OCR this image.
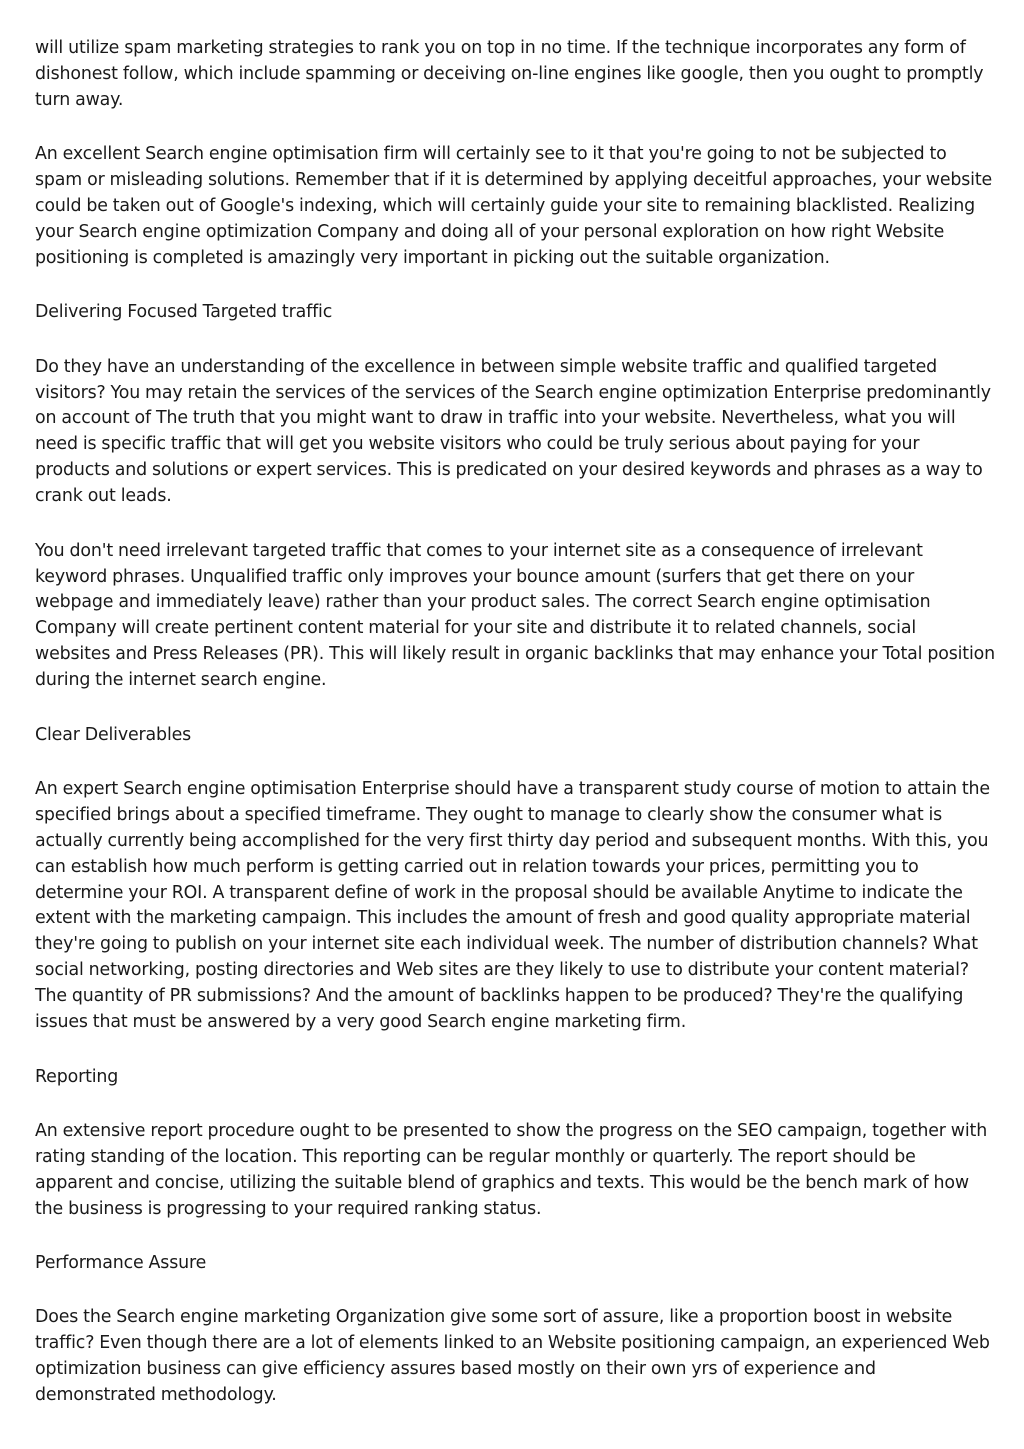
will utilize spam marketing strategies to rank you on top in no time. If the technique incorporates any form of dishonest follow, which include spamming or deceiving on-line engines like google, then you ought to promptly turn away.

An excellent Search engine optimisation firm will certainly see to it that you're going to not be subjected to spam or misleading solutions. Remember that if it is determined by applying deceitful approaches, your website could be taken out of Google's indexing, which will certainly guide your site to remaining blacklisted. Realizing your Search engine optimization Company and doing all of your personal exploration on how right Website positioning is completed is amazingly very important in picking out the suitable organization.

Delivering Focused Targeted traffic

Do they have an understanding of the excellence in between simple website traffic and qualified targeted visitors? You may retain the services of the services of the Search engine optimization Enterprise predominantly on account of The truth that you might want to draw in traffic into your website. Nevertheless, what you will need is specific traffic that will get you website visitors who could be truly serious about paying for your products and solutions or expert services. This is predicated on your desired keywords and phrases as a way to crank out leads.

You don't need irrelevant targeted traffic that comes to your internet site as a consequence of irrelevant keyword phrases. Unqualified traffic only improves your bounce amount (surfers that get there on your webpage and immediately leave) rather than your product sales. The correct Search engine optimisation Company will create pertinent content material for your site and distribute it to related channels, social websites and Press Releases (PR). This will likely result in organic backlinks that may enhance your Total position during the internet search engine.

Clear Deliverables

An expert Search engine optimisation Enterprise should have a transparent study course of motion to attain the specified brings about a specified timeframe. They ought to manage to clearly show the consumer what is actually currently being accomplished for the very first thirty day period and subsequent months. With this, you can establish how much perform is getting carried out in relation towards your prices, permitting you to determine your ROI. A transparent define of work in the proposal should be available Anytime to indicate the extent with the marketing campaign. This includes the amount of fresh and good quality appropriate material they're going to publish on your internet site each individual week. The number of distribution channels? What social networking, posting directories and Web sites are they likely to use to distribute your content material? The quantity of PR submissions? And the amount of backlinks happen to be produced? They're the qualifying issues that must be answered by a very good Search engine marketing firm.

Reporting

An extensive report procedure ought to be presented to show the progress on the SEO campaign, together with rating standing of the location. This reporting can be regular monthly or quarterly. The report should be apparent and concise, utilizing the suitable blend of graphics and texts. This would be the bench mark of how the business is progressing to your required ranking status.

Performance Assure

Does the Search engine marketing Organization give some sort of assure, like a proportion boost in website traffic? Even though there are a lot of elements linked to an Website positioning campaign, an experienced Web optimization business can give efficiency assures based mostly on their own yrs of experience and demonstrated methodology.
